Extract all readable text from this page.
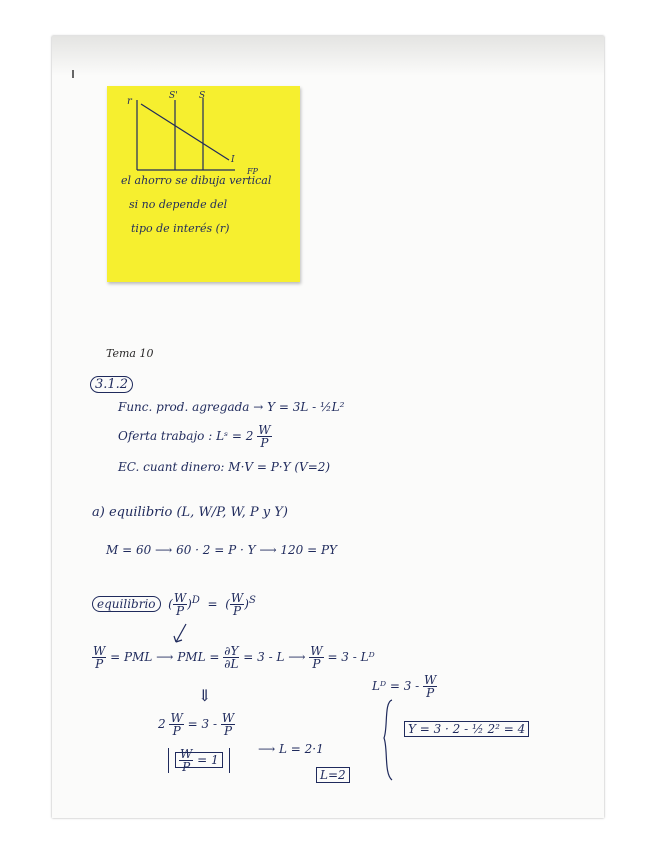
r	S' S
I
FP
el ahorro se dibuja vertical
si no depende del
tipo de interés (r)
Tema 10
3.1.2
Func. prod. agregada → Y = 3L - ½L²
Oferta trabajo : Lˢ = $2 \frac{W}{P}$
EC. cuant dinero: M·V = P·Y (V=2)
a) equilibrio (L, W/P, W, P y Y)
M = 60 ⟶ 60 · 2 = P · Y ⟶ 120 = PY
equilibrio  ( $\frac{W}{P} )^D$ =  ( $\frac{W}{P} )^S$
$\frac{W}{P}$ = PML ⟶ PML = $\frac{\partial Y}{\partial L} = 3 - L$ ⟶ $\frac{W}{P} = 3$ - Lᴰ
Lᴰ = $3 - \frac{W}{P}$
⇓
$2 \frac{W}{P} = 3 - \frac{W}{P}$
$\frac{W}{P} = 1$
⟶ L = 2·1
L=2
Y = 3 · 2 - ½ 2² = 4
